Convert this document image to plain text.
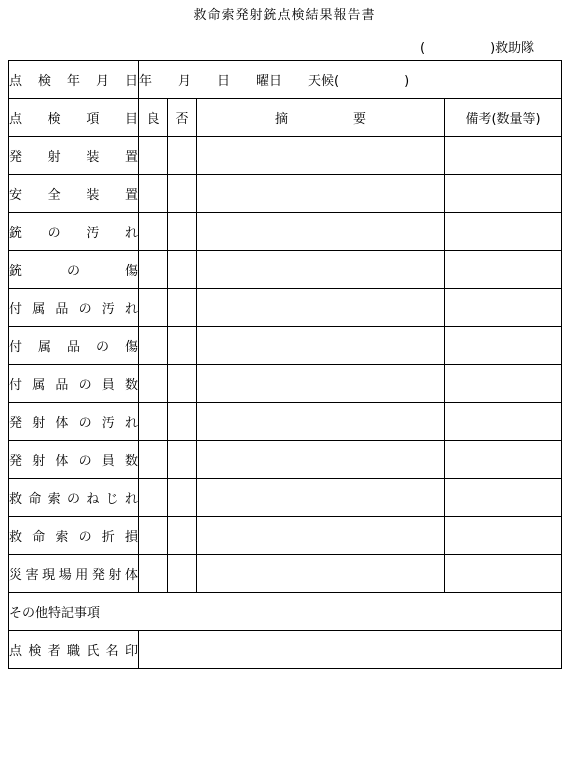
救命索発射銃点検結果報告書
(　　　　　)救助隊
点検年月日	年　　月　　日　　曜日　　天候(　　　　　)			

点検項目	良	否	摘　　　　　要	備考(数量等)

発射装置				

安全装置				

銃の汚れ				

銃の傷				

付属品の汚れ				

付属品の傷				

付属品の員数				

発射体の汚れ				

発射体の員数				

救命索のねじれ				

救命索の折損				

災害現場用発射体				

その他特記事項				

点検者職氏名印				
